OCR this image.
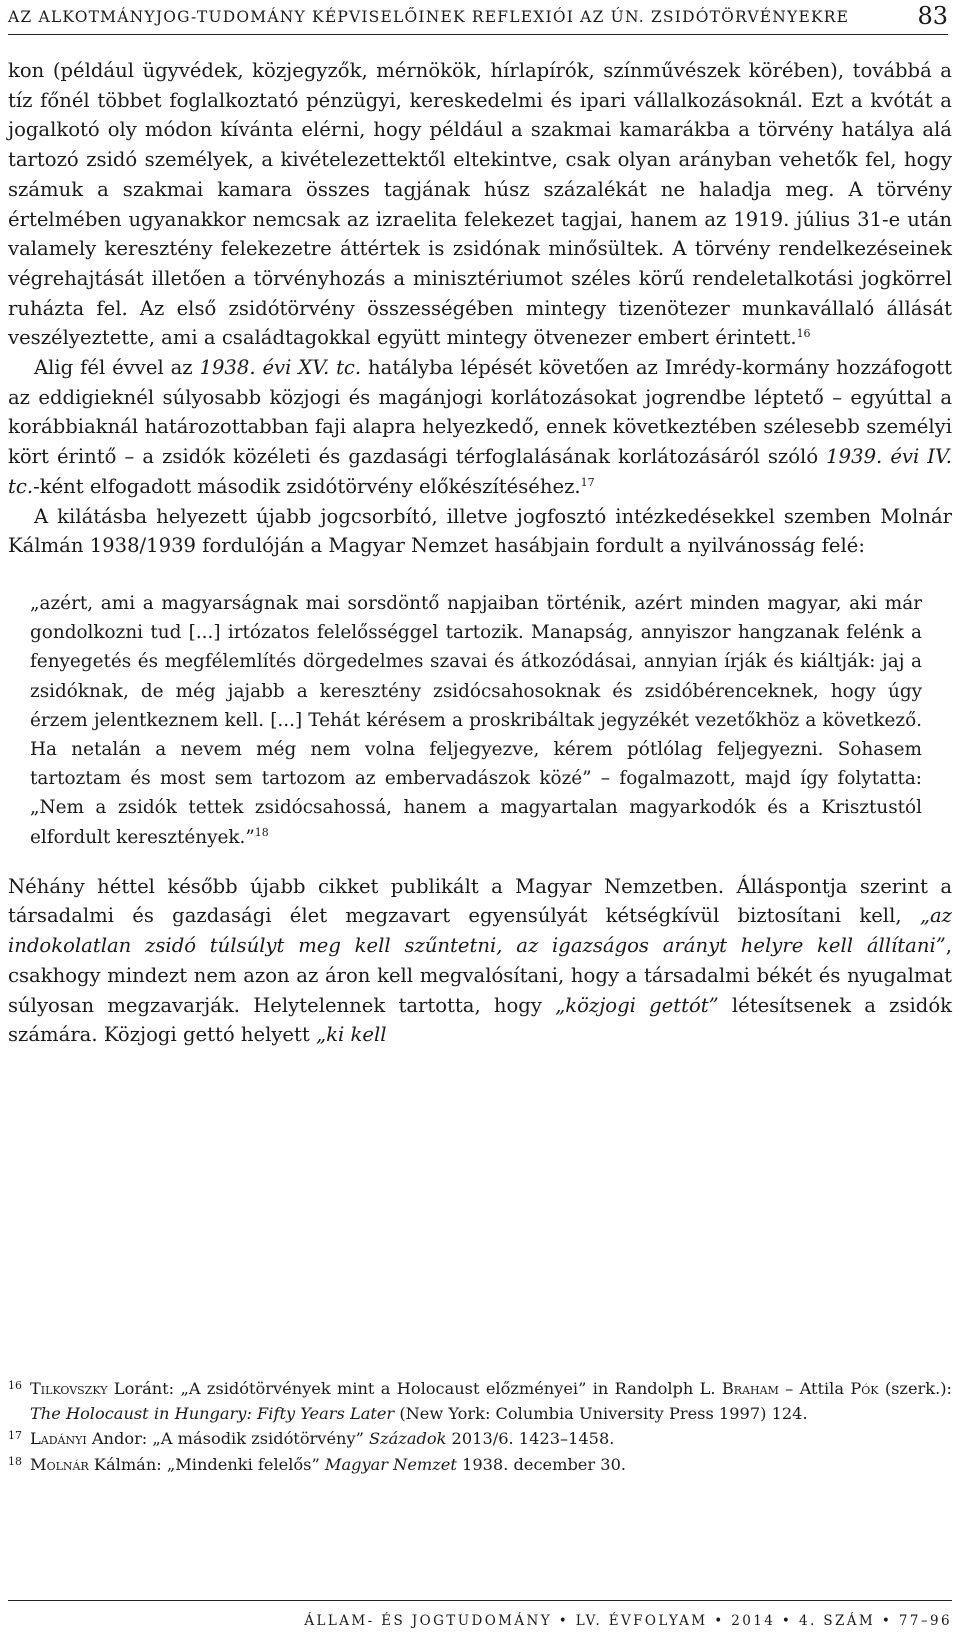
AZ ALKOTMÁNYJOG-TUDOMÁNY KÉPVISELŐINEK REFLEXIÓI AZ ÚN. ZSIDÓTÖRVÉNYEKRE	83

kon (például ügyvédek, közjegyzők, mérnökök, hírlapírók, színművészek körében), továbbá a tíz főnél többet foglalkoztató pénzügyi, kereskedelmi és ipari vállalkozásoknál. Ezt a kvótát a jogalkotó oly módon kívánta elérni, hogy például a szakmai kamarákba a törvény hatálya alá tartozó zsidó személyek, a kivételezettektől eltekintve, csak olyan arányban vehetők fel, hogy számuk a szakmai kamara összes tagjának húsz százalékát ne haladja meg. A törvény értelmében ugyanakkor nemcsak az izraelita felekezet tagjai, hanem az 1919. július 31-e után valamely keresztény felekezetre áttértek is zsidónak minősültek. A törvény rendelkezéseinek végrehajtását illetően a törvényhozás a minisztériumot széles körű rendeletalkotási jogkörrel ruházta fel. Az első zsidótörvény összességében mintegy tizenötezer munkavállaló állását veszélyeztette, ami a családtagokkal együtt mintegy ötvenezer embert érintett.$^{16}$

Alig fél évvel az 1938. évi XV. tc. hatályba lépését követően az Imrédy-kormány hozzáfogott az eddigieknél súlyosabb közjogi és magánjogi korlátozásokat jogrendbe léptető – egyúttal a korábbiaknál határozottabban faji alapra helyezkedő, ennek következtében szélesebb személyi kört érintő – a zsidók közéleti és gazdasági térfoglalásának korlátozásáról szóló 1939. évi IV. tc.-ként elfogadott második zsidótörvény előkészítéséhez.$^{17}$

A kilátásba helyezett újabb jogcsorbító, illetve jogfosztó intézkedésekkel szemben Molnár Kálmán 1938/1939 fordulóján a Magyar Nemzet hasábjain fordult a nyilvánosság felé:

„azért, ami a magyarságnak mai sorsdöntő napjaiban történik, azért minden magyar, aki már gondolkozni tud [...] irtózatos felelősséggel tartozik. Manapság, annyiszor hangzanak felénk a fenyegetés és megfélemlítés dörgedelmes szavai és átkozódásai, annyian írják és kiáltják: jaj a zsidóknak, de még jajabb a keresztény zsidócsahosoknak és zsidóbérenceknek, hogy úgy érzem jelentkeznem kell. [...] Tehát kérésem a proskribáltak jegyzékét vezetőkhöz a következő. Ha netalán a nevem még nem volna feljegyezve, kérem pótlólag feljegyezni. Sohasem tartoztam és most sem tartozom az embervadászok közé” – fogalmazott, majd így folytatta: „Nem a zsidók tettek zsidócsahossá, hanem a magyartalan magyarkodók és a Krisztustól elfordult keresztények.”$^{18}$

Néhány héttel később újabb cikket publikált a Magyar Nemzetben. Álláspontja szerint a társadalmi és gazdasági élet megzavart egyensúlyát kétségkívül biztosítani kell, „az indokolatlan zsidó túlsúlyt meg kell szűntetni, az igazságos arányt helyre kell állítani”, csakhogy mindezt nem azon az áron kell megvalósítani, hogy a társadalmi békét és nyugalmat súlyosan megzavarják. Helytelennek tartotta, hogy „közjogi gettót” létesítsenek a zsidók számára. Közjogi gettó helyett „ki kell

16 Tilkovszky Loránt: „A zsidótörvények mint a Holocaust előzményei” in Randolph L. Braham – Attila Pók (szerk.): The Holocaust in Hungary: Fifty Years Later (New York: Columbia University Press 1997) 124.
17 Ladányi Andor: „A második zsidótörvény” Századok 2013/6. 1423–1458.
18 Molnár Kálmán: „Mindenki felelős” Magyar Nemzet 1938. december 30.
ÁLLAM- ÉS JOGTUDOMÁNY • LV. ÉVFOLYAM • 2014 • 4. SZÁM • 77–96
